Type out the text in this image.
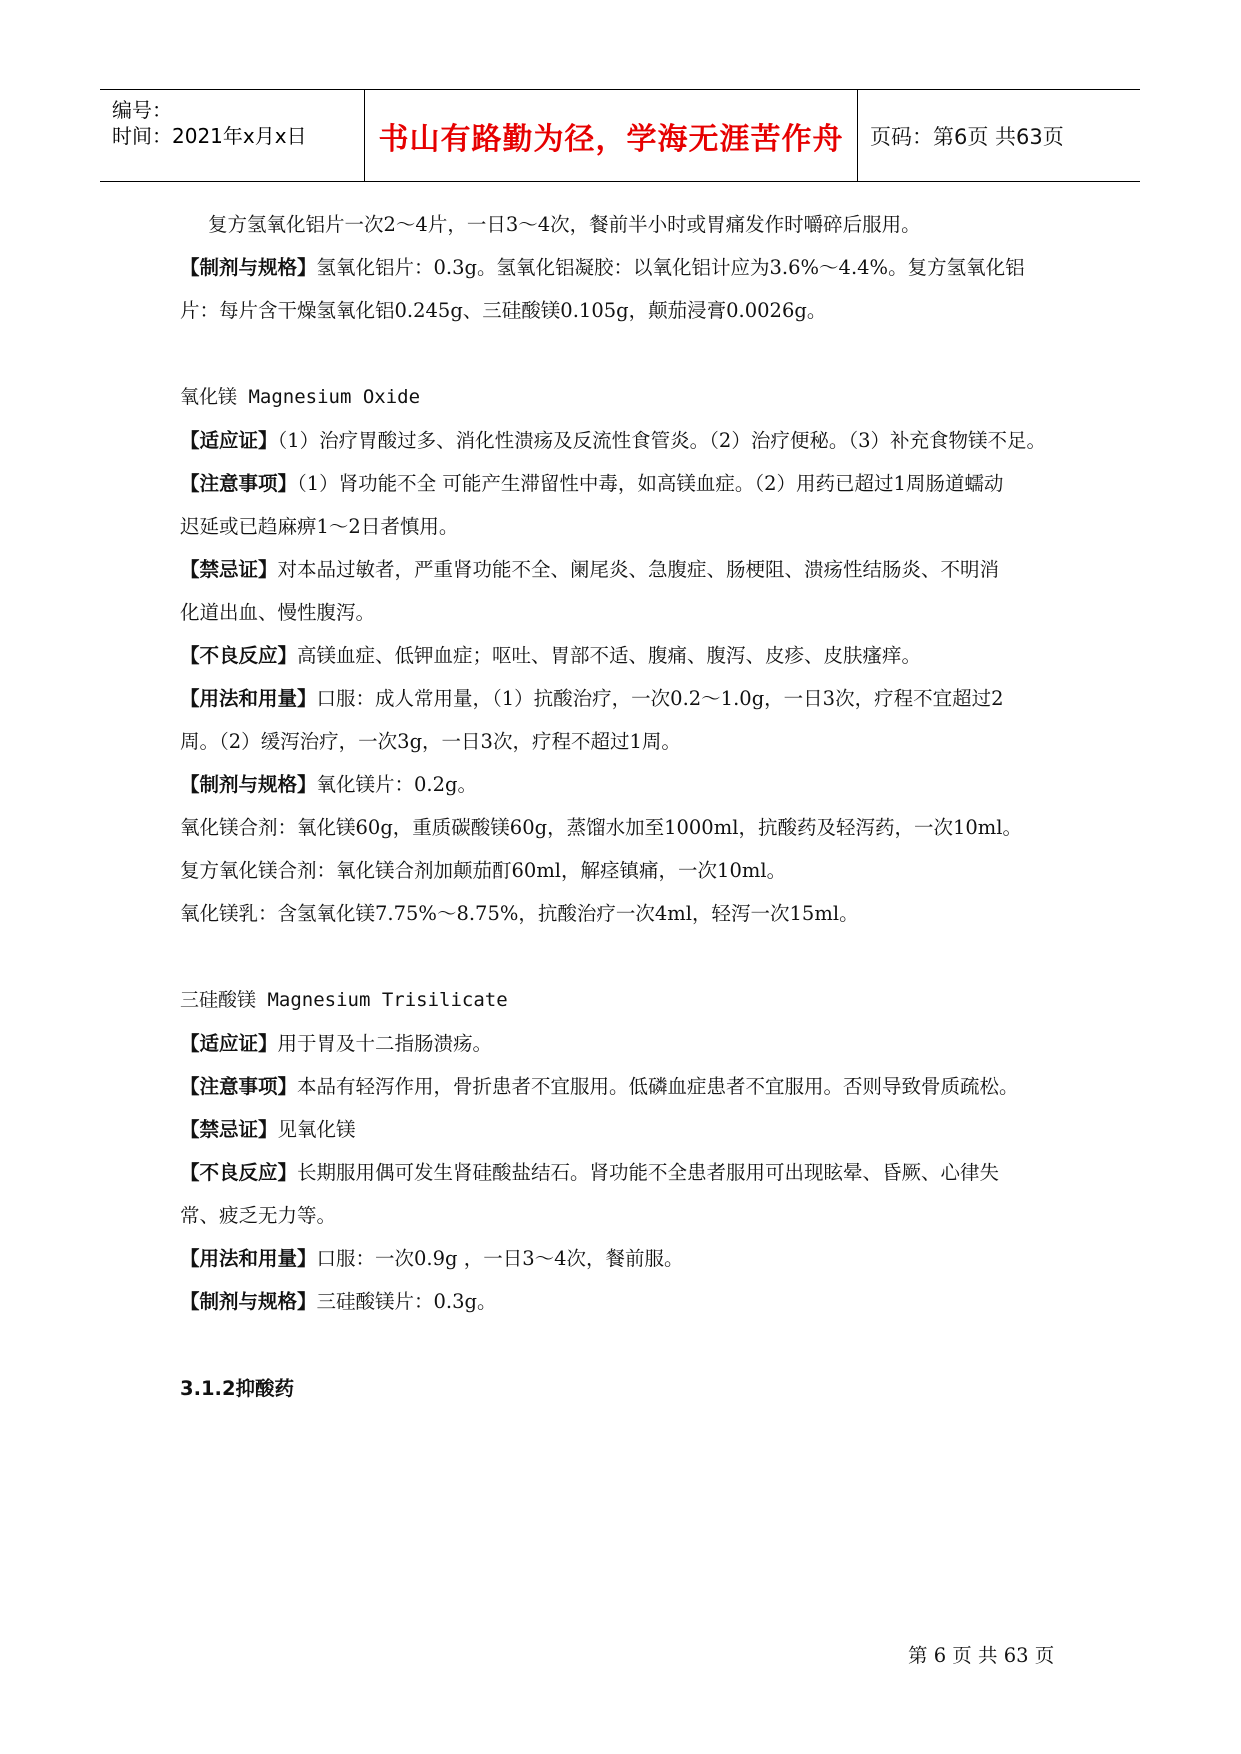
编号：
时间：2021年x月x日 书山有路勤为径，学海无涯苦作舟 页码：第6页 共63页

复方氢氧化铝片一次2～4片，一日3～4次，餐前半小时或胃痛发作时嚼碎后服用。

【制剂与规格】氢氧化铝片：0.3g。氢氧化铝凝胶：以氧化铝计应为3.6%～4.4%。复方氢氧化铝

片：每片含干燥氢氧化铝0.245g、三硅酸镁0.105g，颠茄浸膏0.0026g。

氧化镁 Magnesium Oxide

【适应证】（1）治疗胃酸过多、消化性溃疡及反流性食管炎。（2）治疗便秘。（3）补充食物镁不足。

【注意事项】（1）肾功能不全 可能产生滞留性中毒，如高镁血症。（2）用药已超过1周肠道蠕动

迟延或已趋麻痹1～2日者慎用。

【禁忌证】对本品过敏者，严重肾功能不全、阑尾炎、急腹症、肠梗阻、溃疡性结肠炎、不明消

化道出血、慢性腹泻。

【不良反应】高镁血症、低钾血症；呕吐、胃部不适、腹痛、腹泻、皮疹、皮肤瘙痒。

【用法和用量】口服：成人常用量，（1）抗酸治疗，一次0.2～1.0g，一日3次，疗程不宜超过2

周。（2）缓泻治疗，一次3g，一日3次，疗程不超过1周。

【制剂与规格】氧化镁片：0.2g。

氧化镁合剂：氧化镁60g，重质碳酸镁60g，蒸馏水加至1000ml，抗酸药及轻泻药，一次10ml。

复方氧化镁合剂：氧化镁合剂加颠茄酊60ml，解痉镇痛，一次10ml。

氧化镁乳：含氢氧化镁7.75%～8.75%，抗酸治疗一次4ml，轻泻一次15ml。

三硅酸镁 Magnesium Trisilicate

【适应证】用于胃及十二指肠溃疡。

【注意事项】本品有轻泻作用，骨折患者不宜服用。低磷血症患者不宜服用。否则导致骨质疏松。

【禁忌证】见氧化镁

【不良反应】长期服用偶可发生肾硅酸盐结石。肾功能不全患者服用可出现眩晕、昏厥、心律失

常、疲乏无力等。

【用法和用量】口服：一次0.9g ，一日3～4次，餐前服。

【制剂与规格】三硅酸镁片：0.3g。

3.1.2抑酸药

第 6 页 共 63 页
